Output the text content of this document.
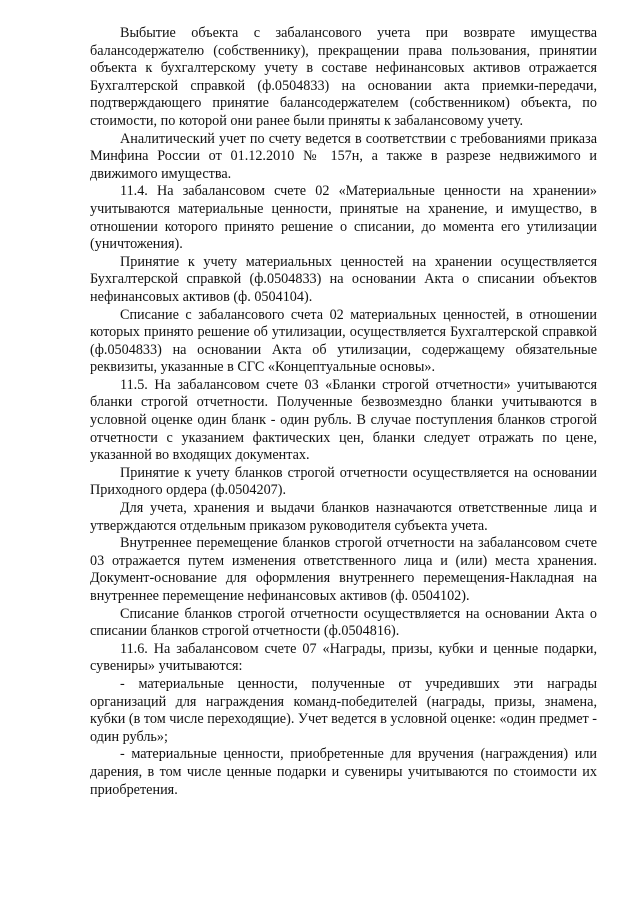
Выбытие объекта с забалансового учета при возврате имущества балансодержателю (собственнику), прекращении права пользования, принятии объекта к бухгалтерскому учету в составе нефинансовых активов отражается Бухгалтерской справкой (ф.0504833) на основании акта приемки-передачи, подтверждающего принятие балансодержателем (собственником) объекта, по стоимости, по которой они ранее были приняты к забалансовому учету.

Аналитический учет по счету ведется в соответствии с требованиями приказа Минфина России от 01.12.2010 № 157н, а также в разрезе недвижимого и движимого имущества.

11.4. На забалансовом счете 02 «Материальные ценности на хранении» учитываются материальные ценности, принятые на хранение, и имущество, в отношении которого принято решение о списании, до момента его утилизации (уничтожения).

Принятие к учету материальных ценностей на хранении осуществляется Бухгалтерской справкой (ф.0504833) на основании Акта о списании объектов нефинансовых активов (ф. 0504104).

Списание с забалансового счета 02 материальных ценностей, в отношении которых принято решение об утилизации, осуществляется Бухгалтерской справкой (ф.0504833) на основании Акта об утилизации, содержащему обязательные реквизиты, указанные в СГС «Концептуальные основы».

11.5. На забалансовом счете 03 «Бланки строгой отчетности» учитываются бланки строгой отчетности. Полученные безвозмездно бланки учитываются в условной оценке один бланк - один рубль. В случае поступления бланков строгой отчетности с указанием фактических цен, бланки следует отражать по цене, указанной во входящих документах.

Принятие к учету бланков строгой отчетности осуществляется на основании Приходного ордера (ф.0504207).

Для учета, хранения и выдачи бланков назначаются ответственные лица и утверждаются отдельным приказом руководителя субъекта учета.

Внутреннее перемещение бланков строгой отчетности на забалансовом счете 03 отражается путем изменения ответственного лица и (или) места хранения. Документ-основание для оформления внутреннего перемещения-Накладная на внутреннее перемещение нефинансовых активов (ф. 0504102).

Списание бланков строгой отчетности осуществляется на основании Акта о списании бланков строгой отчетности (ф.0504816).

11.6. На забалансовом счете 07 «Награды, призы, кубки и ценные подарки, сувениры» учитываются:

- материальные ценности, полученные от учредивших эти награды организаций для награждения команд-победителей (награды, призы, знамена, кубки (в том числе переходящие). Учет ведется в условной оценке: «один предмет - один рубль»;

- материальные ценности, приобретенные для вручения (награждения) или дарения, в том числе ценные подарки и сувениры учитываются по стоимости их приобретения.
